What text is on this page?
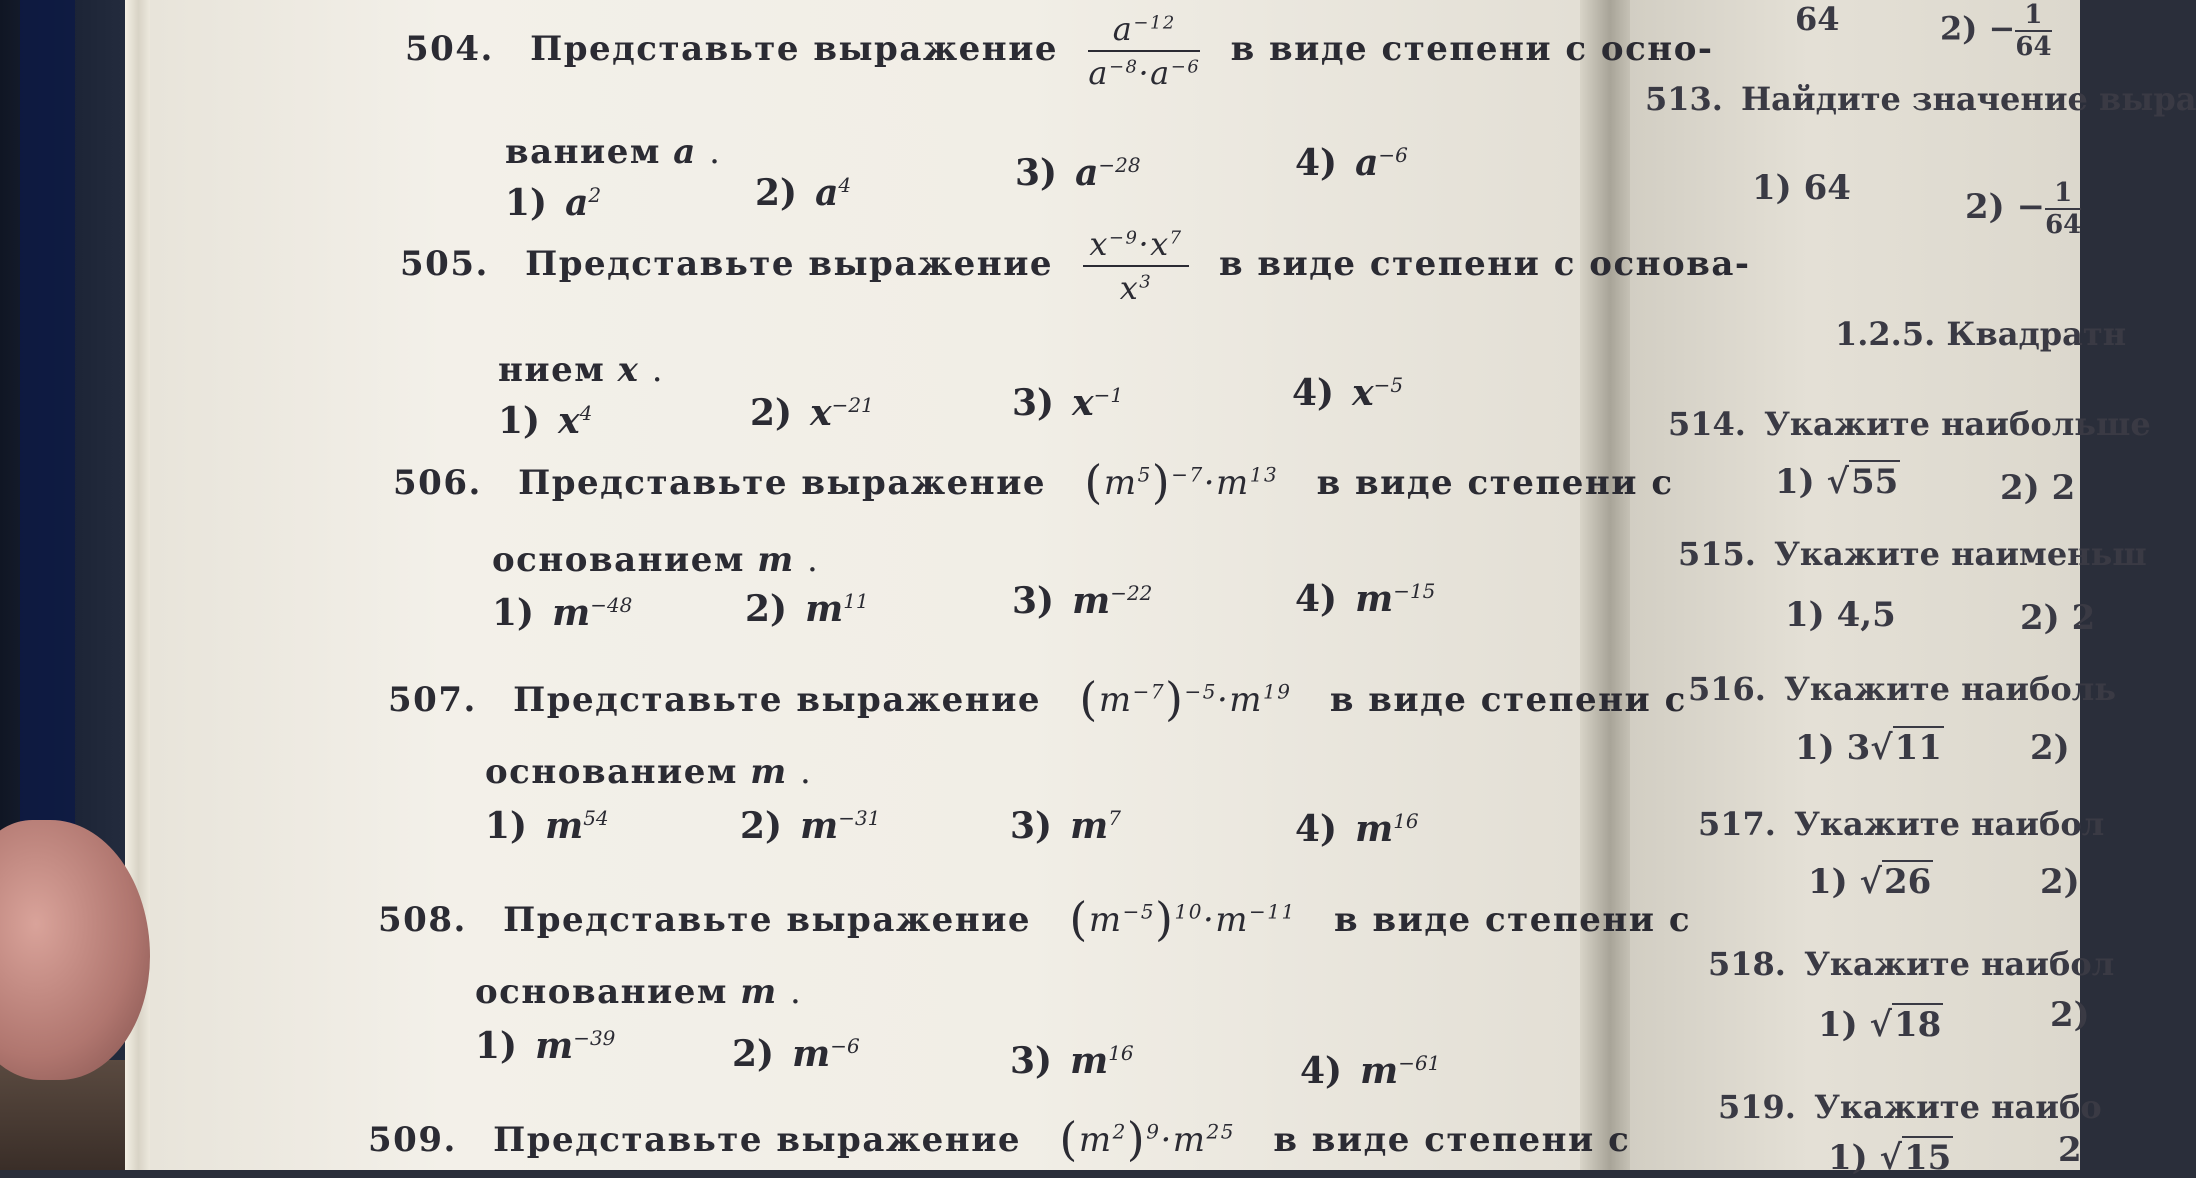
504. Представьте выражение $\frac{a^{-12}}{a^{-8}\cdot a^{-6}}$ в виде степени с осно-
ванием a .
1) $a^2$	2) $a^4$	3) $a^{-28}$	4) $a^{-6}$
505. Представьте выражение $\frac{x^{-9}\cdot x^7}{x^3}$ в виде степени с основа-
нием x .
1) $x^4$	2) $x^{-21}$	3) $x^{-1}$	4) $x^{-5}$
506. Представьте выражение $(m^5)^{-7}\cdot m^{13}$ в виде степени с
основанием m .
1) $m^{-48}$	2) $m^{11}$	3) $m^{-22}$	4) $m^{-15}$
507. Представьте выражение $(m^{-7})^{-5}\cdot m^{19}$ в виде степени с
основанием m .
1) $m^{54}$	2) $m^{-31}$	3) $m^7$	4) $m^{16}$
508. Представьте выражение $(m^{-5})^{10}\cdot m^{-11}$ в виде степени с
основанием m .
1) $m^{-39}$	2) $m^{-6}$	3) $m^{16}$	4) $m^{-61}$
509. Представьте выражение $(m^2)^9\cdot m^{25}$ в виде степени с
64	$2) - \frac{1}{64}$
513. Найдите значение выра
1) 64	$2) - \frac{1}{64}$
1.2.5. Квадратн
514. Укажите наибольше
1) √55	2) 2
515. Укажите наименьш
1) 4,5	2) 2
516. Укажите наиболь
1) 3√11	2)
517. Укажите наибол
1) √26	2)
518. Укажите наибол
1) √18	2)
519. Укажите наибо
1) √15	2
